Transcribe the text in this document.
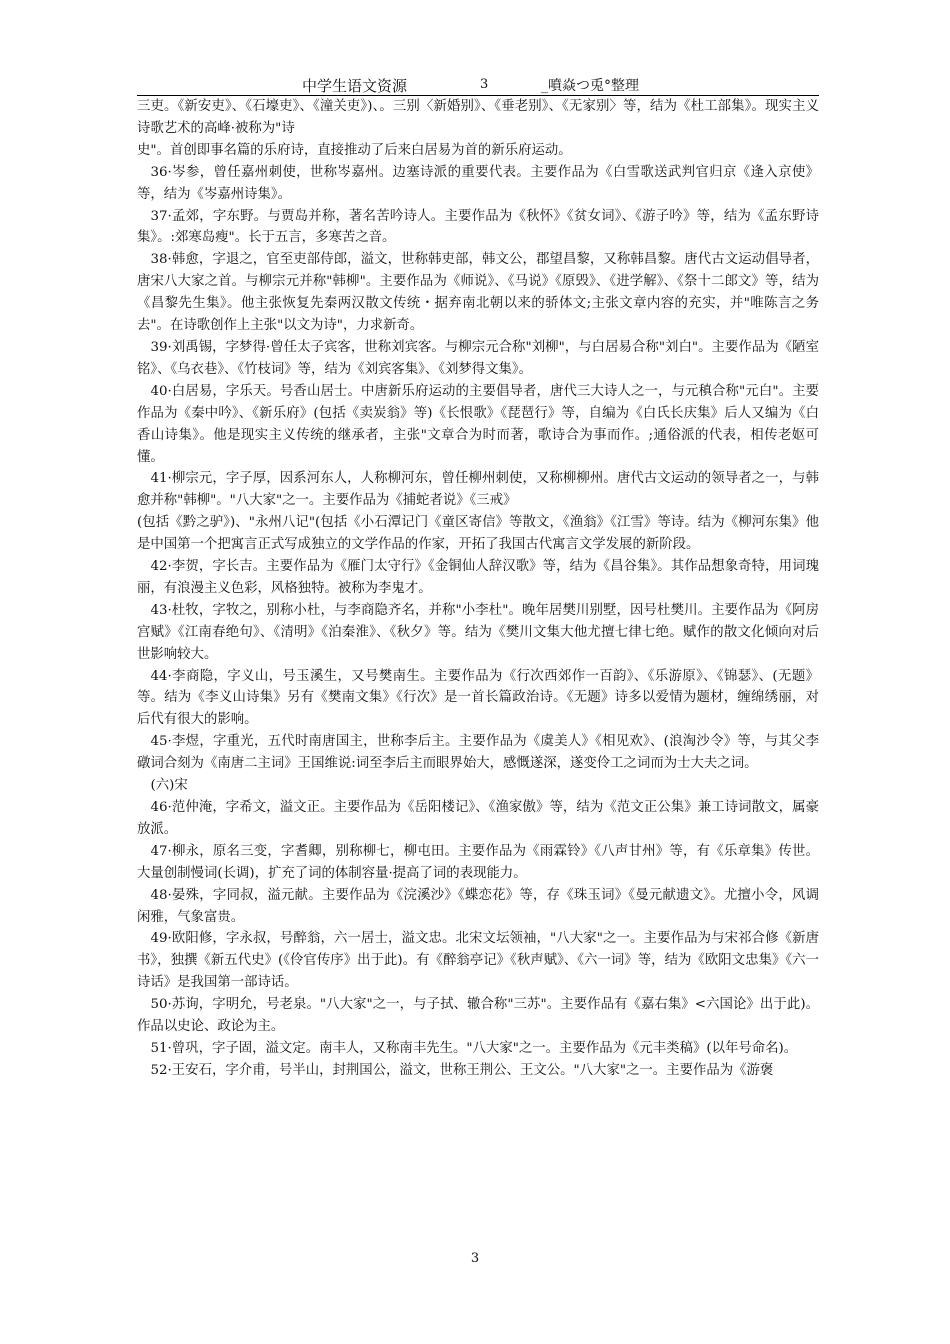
中学生语文资源	3	_噴焱つ兎°整理

三吏。《新安吏》、《石壕吏》、《潼关吏》)、。三别〈新婚别》、《垂老别》、《无家别〉等，结为《杜工部集》。现实主义诗歌艺术的高峰·被称为"诗

史"。首创即事名篇的乐府诗，直接推动了后来白居易为首的新乐府运动。

36·岑参，曾任嘉州刺使，世称岑嘉州。边塞诗派的重要代表。主要作品为《白雪歌送武判官归京《逢入京使》等，结为《岑嘉州诗集》。

37·孟郊，字东野。与贾岛并称，著名苦吟诗人。主要作品为《秋怀》《贫女词》、《游子吟》等，结为《孟东野诗集》。:郊寒岛瘦"。长于五言，多寒苦之音。

38·韩愈，字退之，官至吏部侍郎，溢文，世称韩吏部，韩文公，郡望昌黎，又称韩昌黎。唐代古文运动倡导者，唐宋八大家之首。与柳宗元并称"韩柳"。主要作品为《师说》、《马说》《原毁》、《进学解》、《祭十二郎文》等，结为《昌黎先生集》。他主张恢复先秦两汉散文传统・据弃南北朝以来的骄体文;主张文章内容的充实，并"唯陈言之务去"。在诗歌创作上主张"以文为诗"，力求新奇。

39·刘禹锡，字梦得·曾任太子宾客，世称刘宾客。与柳宗元合称"刘柳"，与白居易合称"刘白"。主要作品为《陋室铭》、《乌衣巷》、《竹枝词》等，结为《刘宾客集》、《刘梦得文集》。

40·白居易，字乐天。号香山居士。中唐新乐府运动的主要倡导者，唐代三大诗人之一，与元稹合称"元白"。主要作品为《秦中吟》、《新乐府》(包括《卖炭翁》等)《长恨歌》《琵琶行》等，自编为《白氏长庆集》后人又编为《白香山诗集》。他是现实主义传统的继承者，主张"文章合为时而著，歌诗合为事而作。;通俗派的代表，相传老妪可懂。

41·柳宗元，字子厚，因系河东人，人称柳河东，曾任柳州刺使，又称柳柳州。唐代古文运动的领导者之一，与韩愈并称"韩柳"。"八大家"之一。主要作品为《捕蛇者说》《三戒》

(包括《黔之驴》)、"永州八记"(包括《小石潭记门《童区寄信》等散文，《渔翁》《江雪》等诗。结为《柳河东集》他是中国第一个把寓言正式写成独立的文学作品的作家，开拓了我国古代寓言文学发展的新阶段。

42·李贺，字长吉。主要作品为《雁门太守行》《金铜仙人辞汉歌》等，结为《昌谷集》。其作品想象奇特，用词瑰丽，有浪漫主义色彩，风格独特。被称为李鬼才。

43·杜牧，字牧之，别称小杜，与李商隐齐名，并称"小李杜"。晚年居樊川别墅，因号杜樊川。主要作品为《阿房宫赋》《江南春绝句》、《清明》《泊秦淮》、《秋夕》等。结为《樊川文集大他尤擅七律七绝。赋作的散文化倾向对后世影响较大。

44·李商隐，字义山，号玉溪生，又号樊南生。主要作品为《行次西郊作一百韵》、《乐游原》、《锦瑟》、(无题》等。结为《李义山诗集》另有《樊南文集》《行次》是一首长篇政治诗。《无题》诗多以爱情为题材，缠绵绣丽，对后代有很大的影响。

45·李煜，字重光，五代时南唐国主，世称李后主。主要作品为《虞美人》《相见欢》、(浪淘沙令》等，与其父李礅词合刻为《南唐二主词》王国维说:词至李后主而眼界始大，感慨遂深，遂变伶工之词而为士大夫之词。

(六)宋

46·范仲淹，字希文，溢文正。主要作品为《岳阳楼记》、《渔家傲》等，结为《范文正公集》兼工诗词散文，属豪放派。

47·柳永，原名三变，字耆卿，别称柳七，柳屯田。主要作品为《雨霖铃》《八声甘州》等，有《乐章集》传世。大量创制慢词(长调)，扩充了词的体制容量·提高了词的表现能力。

48·晏殊，字同叔，溢元献。主要作品为《浣溪沙》《蝶恋花》等，存《珠玉词》《曼元献遗文》。尤擅小令，风调闲雅，气象富贵。

49·欧阳修，字永叔，号醉翁，六一居士，溢文忠。北宋文坛领袖，"八大家"之一。主要作品为与宋祁合修《新唐书》，独撰《新五代史》(《伶官传序》出于此)。有《醉翁亭记》《秋声赋》、《六一词》等，结为《欧阳文忠集》《六一诗话》是我国第一部诗话。

50·苏询，字明允，号老泉。"八大家"之一，与子拭、辙合称"三苏"。主要作品有《嘉右集》<六国论》出于此)。作品以史论、政论为主。

51·曾巩，字子固，溢文定。南丰人，又称南丰先生。"八大家"之一。主要作品为《元丰类稿》(以年号命名)。

52·王安石，字介甫，号半山，封荆国公，溢文，世称王荆公、王文公。"八大家"之一。主要作品为《游褒

3
